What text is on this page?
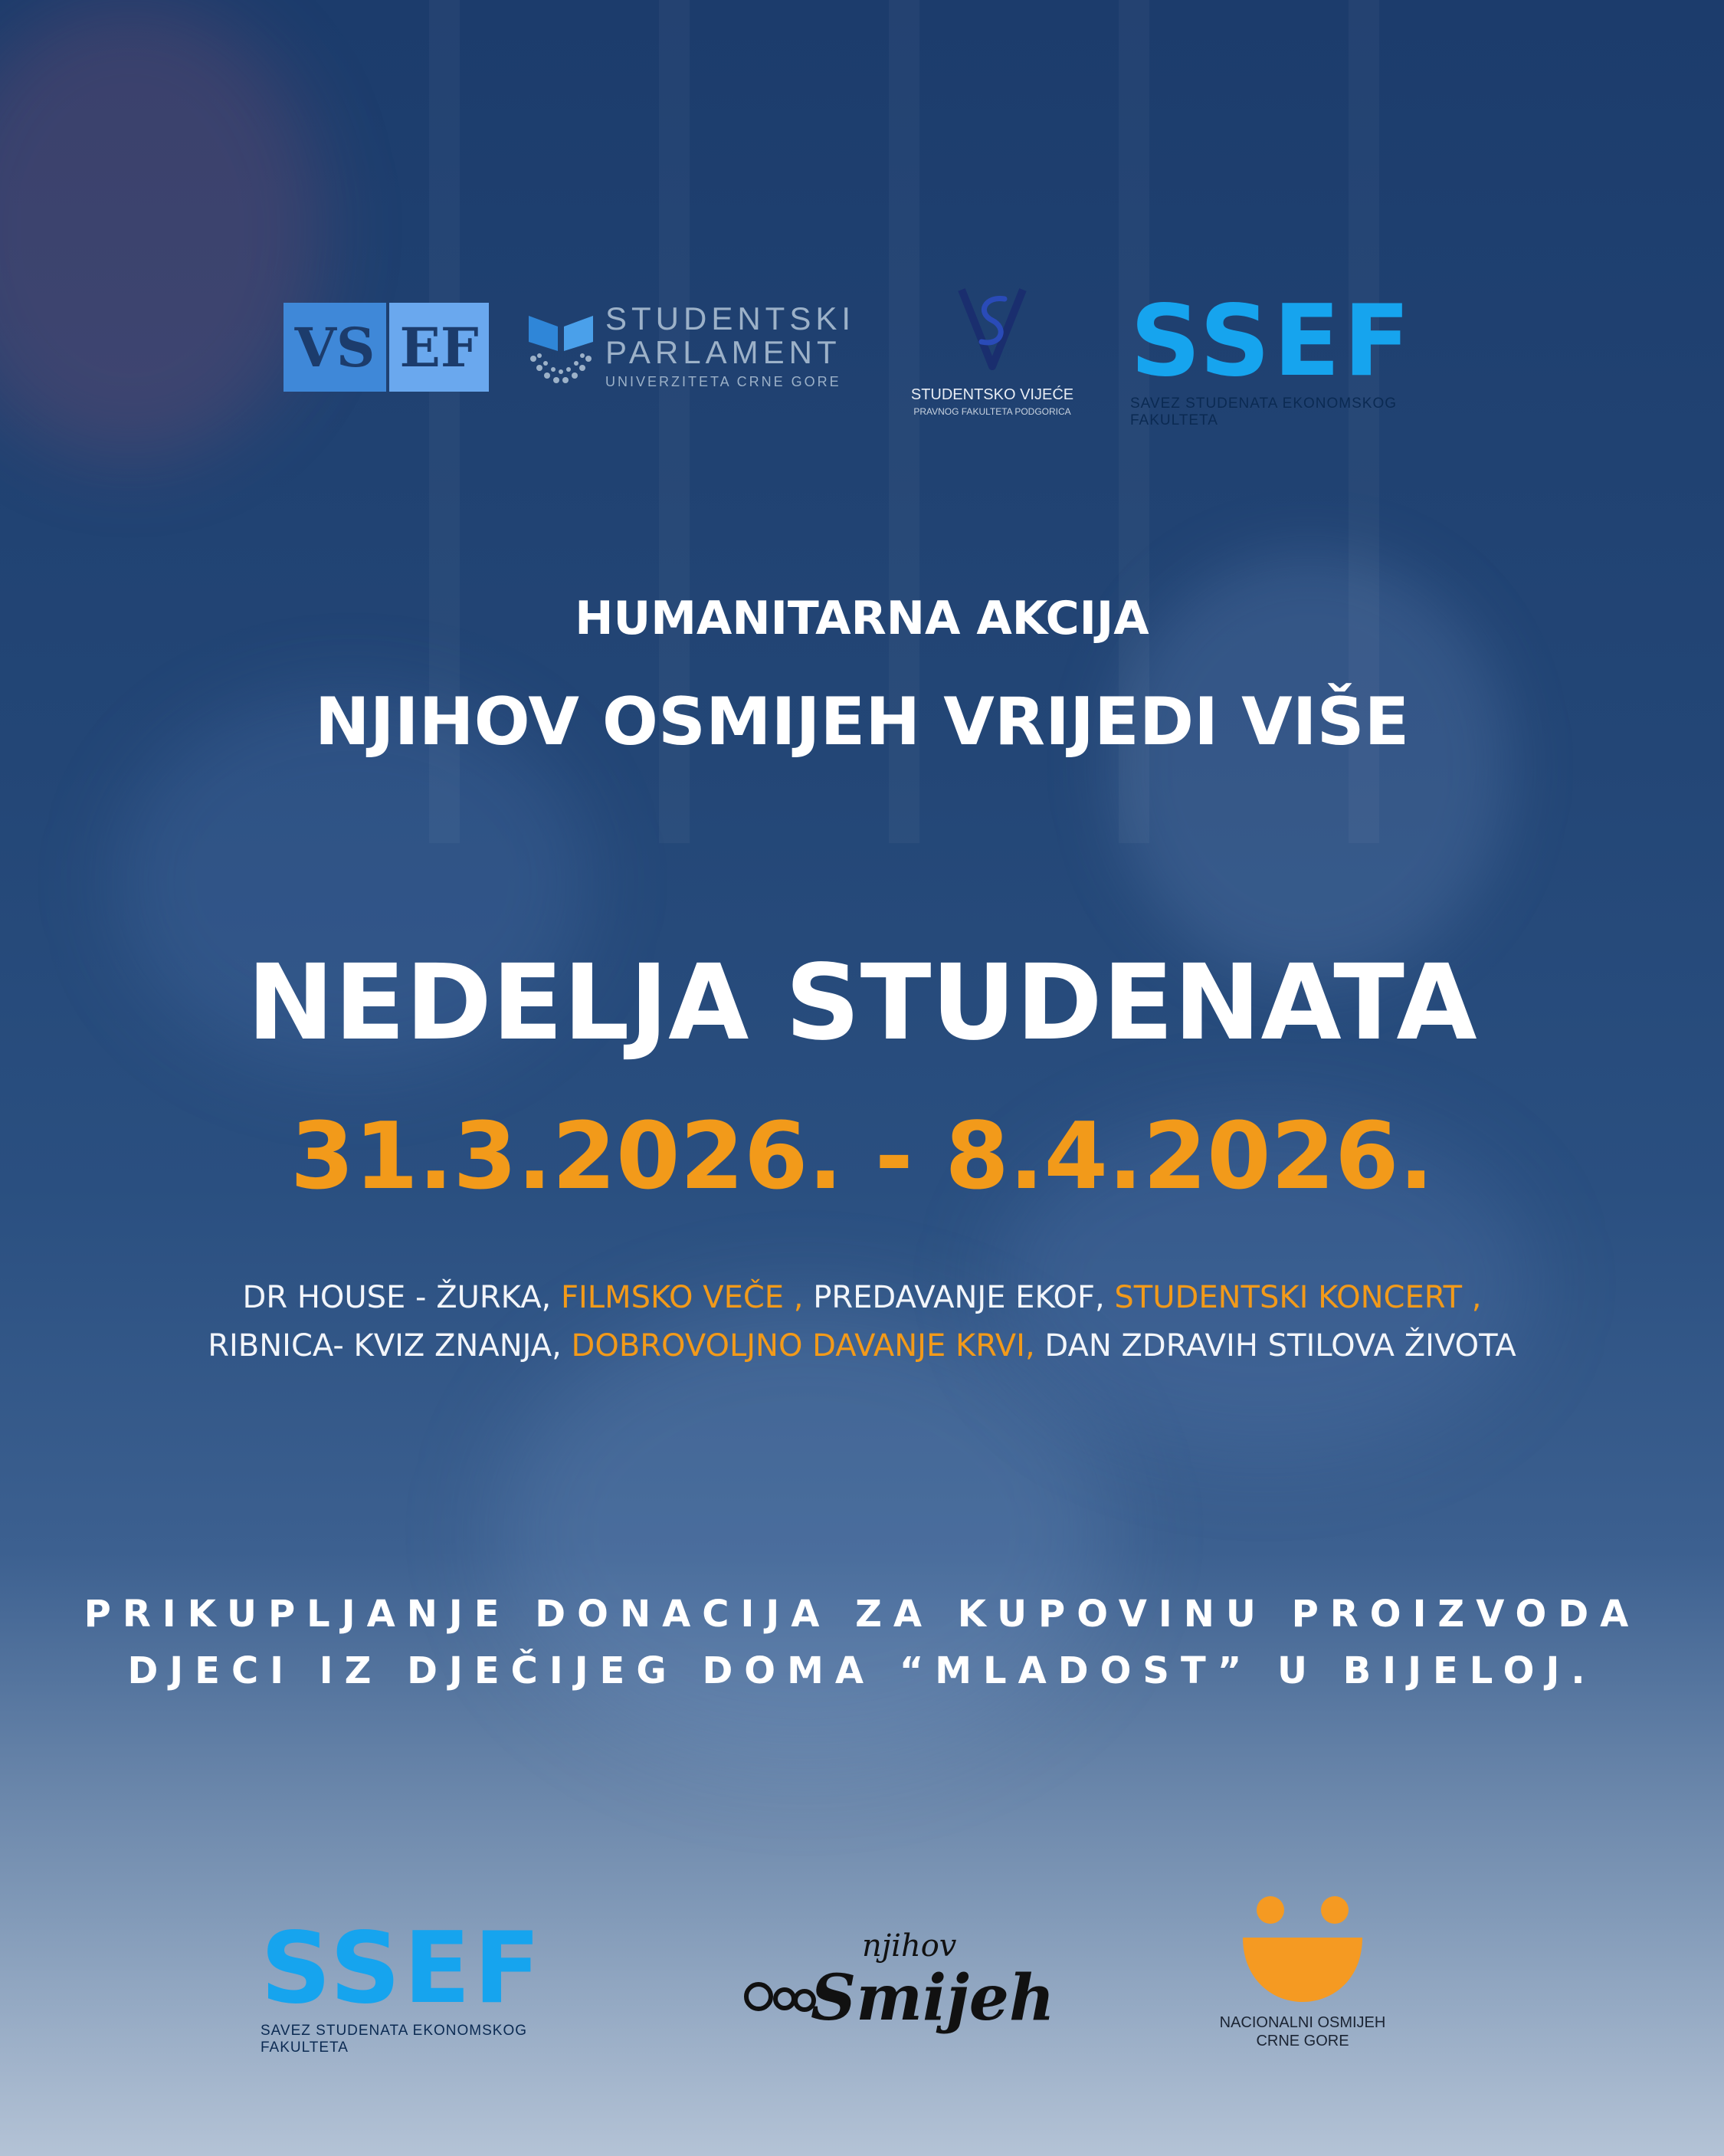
VS EF	STUDENTSKI
PARLAMENT
UNIVERZITETA CRNE GORE
STUDENTSKO VIJEĆE
PRAVNOG FAKULTETA PODGORICA
SSEF
SAVEZ STUDENATA EKONOMSKOG FAKULTETA
HUMANITARNA AKCIJA
NJIHOV OSMIJEH VRIJEDI VIŠE
NEDELJA STUDENATA
31.3.2026. - 8.4.2026.
DR HOUSE - ŽURKA, FILMSKO VEČE , PREDAVANJE EKOF, STUDENTSKI KONCERT ,
RIBNICA- KVIZ ZNANJA, DOBROVOLJNO DAVANJE KRVI, DAN ZDRAVIH STILOVA ŽIVOTA
PRIKUPLJANJE DONACIJA ZA KUPOVINU PROIZVODA
DJECI IZ DJEČIJEG DOMA “MLADOST” U BIJELOJ.
SSEF
SAVEZ STUDENATA EKONOMSKOG FAKULTETA
njihov
Smijeh	NACIONALNI OSMIJEH
CRNE GORE
